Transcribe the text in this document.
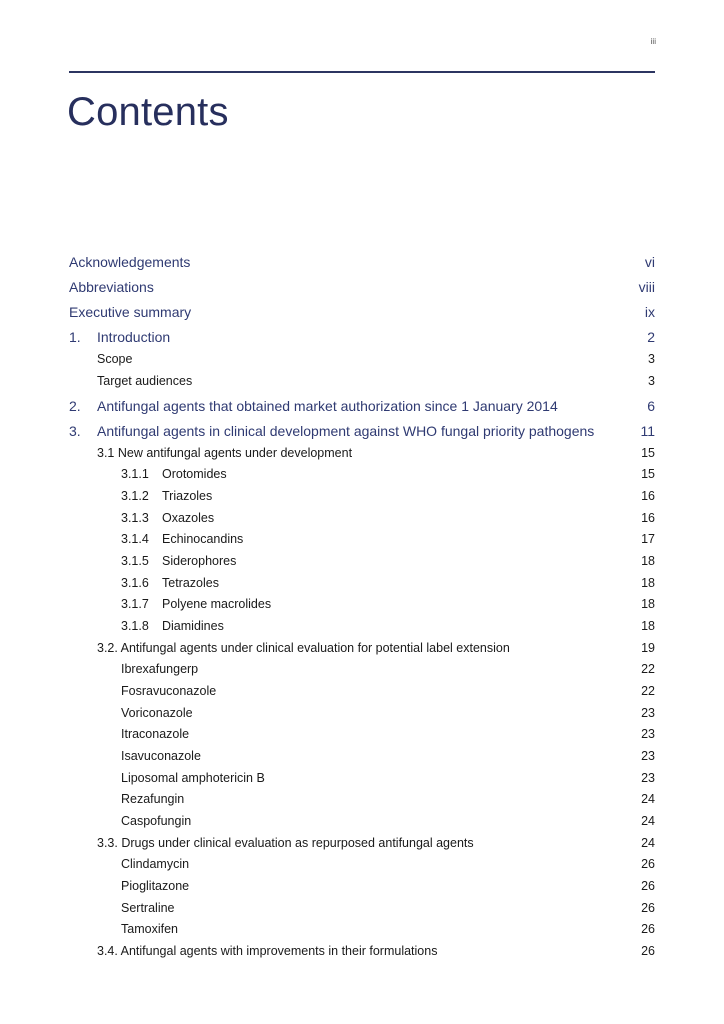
iii
Contents
Acknowledgements	vi
Abbreviations	viii
Executive summary	ix
1.	Introduction	2
Scope	3
Target audiences	3
2.	Antifungal agents that obtained market authorization since 1 January 2014	6
3.	Antifungal agents in clinical development against WHO fungal priority pathogens	11
3.1 New antifungal agents under development	15
3.1.1	Orotomides	15
3.1.2	Triazoles	16
3.1.3	Oxazoles	16
3.1.4	Echinocandins	17
3.1.5	Siderophores	18
3.1.6	Tetrazoles	18
3.1.7	Polyene macrolides	18
3.1.8	Diamidines	18
3.2. Antifungal agents under clinical evaluation for potential label extension	19
Ibrexafungerp	22
Fosravuconazole	22
Voriconazole	23
Itraconazole	23
Isavuconazole	23
Liposomal amphotericin B	23
Rezafungin	24
Caspofungin	24
3.3. Drugs under clinical evaluation as repurposed antifungal agents	24
Clindamycin	26
Pioglitazone	26
Sertraline	26
Tamoxifen	26
3.4. Antifungal agents with improvements in their formulations	26
